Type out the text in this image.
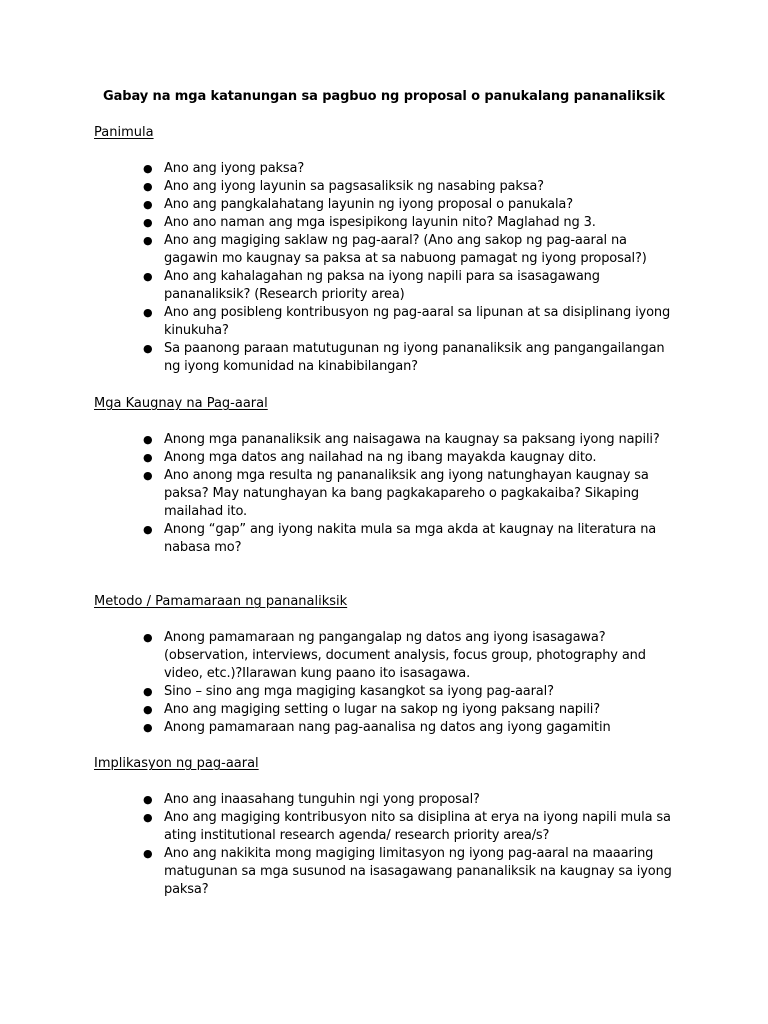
Gabay na mga katanungan sa pagbuo ng proposal o panukalang pananaliksik
Panimula
● Ano ang iyong paksa?
● Ano ang iyong layunin sa pagsasaliksik ng nasabing paksa?
● Ano ang pangkalahatang layunin ng iyong proposal o panukala?
● Ano ano naman ang mga ispesipikong layunin nito? Maglahad ng 3.
● Ano ang magiging saklaw ng pag-aaral? (Ano ang sakop ng pag-aaral na gagawin mo kaugnay sa paksa at sa nabuong pamagat ng iyong proposal?)
● Ano ang kahalagahan ng paksa na iyong napili para sa isasagawang pananaliksik? (Research priority area)
● Ano ang posibleng kontribusyon ng pag-aaral sa lipunan at sa disiplinang iyong kinukuha?
● Sa paanong paraan matutugunan ng iyong pananaliksik ang pangangailangan ng iyong komunidad na kinabibilangan?
Mga Kaugnay na Pag-aaral
● Anong mga pananaliksik ang naisagawa na kaugnay sa paksang iyong napili?
● Anong mga datos ang nailahad na ng ibang mayakda kaugnay dito.
● Ano anong mga resulta ng pananaliksik ang iyong natunghayan kaugnay sa paksa? May natunghayan ka bang pagkakapareho o pagkakaiba? Sikaping mailahad ito.
● Anong “gap” ang iyong nakita mula sa mga akda at kaugnay na literatura na nabasa mo?
Metodo / Pamamaraan ng pananaliksik
● Anong pamamaraan ng pangangalap ng datos ang iyong isasagawa? (observation, interviews, document analysis, focus group, photography and video, etc.)?Ilarawan kung paano ito isasagawa.
● Sino – sino ang mga magiging kasangkot sa iyong pag-aaral?
● Ano ang magiging setting o lugar na sakop ng iyong paksang napili?
● Anong pamamaraan nang pag-aanalisa ng datos ang iyong gagamitin
Implikasyon ng pag-aaral
● Ano ang inaasahang tunguhin ngi yong proposal?
● Ano ang magiging kontribusyon nito sa disiplina at erya na iyong napili mula sa ating institutional research agenda/ research priority area/s?
● Ano ang nakikita mong magiging limitasyon ng iyong pag-aaral na maaaring matugunan sa mga susunod na isasagawang pananaliksik na kaugnay sa iyong paksa?
